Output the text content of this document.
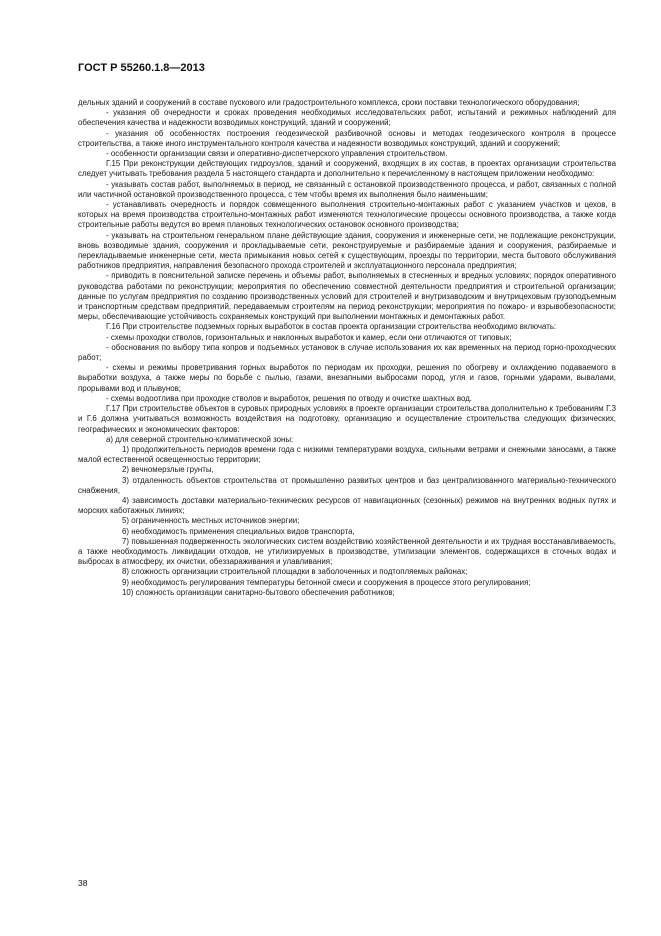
ГОСТ Р 55260.1.8—2013

дельных зданий и сооружений в составе пускового или градостроительного комплекса, сроки поставки технологического оборудования;

- указания об очередности и сроках проведения необходимых исследовательских работ, испытаний и режимных наблюдений для обеспечения качества и надежности возводимых конструкций, зданий и сооружений;

- указания об особенностях построения геодезической разбивочной основы и методах геодезического контроля в процессе строительства, а также иного инструментального контроля качества и надежности возводимых конструкций, зданий и сооружений;

- особенности организации связи и оперативно-диспетчерского управления строительством.

Г.15 При реконструкции действующих гидроузлов, зданий и сооружений, входящих в их состав, в проектах организации строительства следует учитывать требования раздела 5 настоящего стандарта и дополнительно к перечисленному в настоящем приложении необходимо:

- указывать состав работ, выполняемых в период, не связанный с остановкой производственного процесса, и работ, связанных с полной или частичной остановкой производственного процесса, с тем чтобы время их выполнения было наименьшим;

- устанавливать очередность и порядок совмещенного выполнения строительно-монтажных работ с указанием участков и цехов, в которых на время производства строительно-монтажных работ изменяются технологические процессы основного производства, а также когда строительные работы ведутся во время плановых технологических остановок основного производства;

- указывать на строительном генеральном плане действующие здания, сооружения и инженерные сети, не подлежащие реконструкции, вновь возводимые здания, сооружения и прокладываемые сети, реконструируемые и разбираемые здания и сооружения, разбираемые и перекладываемые инженерные сети, места примыкания новых сетей к существующим, проезды по территории, места бытового обслуживания работников предприятия, направления безопасного прохода строителей и эксплуатационного персонала предприятия;

- приводить в пояснительной записке перечень и объемы работ, выполняемых в стесненных и вредных условиях; порядок оперативного руководства работами по реконструкции; мероприятия по обеспечению совместной деятельности предприятия и строительной организации; данные по услугам предприятия по созданию производственных условий для строителей и внутризаводским и внутрицеховым грузоподъемным и транспортным средствам предприятий, передаваемым строителям на период реконструкции; мероприятия по пожаро- и взрывобезопасности; меры, обеспечивающие устойчивость сохраняемых конструкций при выполнении монтажных и демонтажных работ.

Г.16 При строительстве подземных горных выработок в состав проекта организации строительства необходимо включать:

- схемы проходки стволов, горизонтальных и наклонных выработок и камер, если они отличаются от типовых;

- обоснования по выбору типа копров и подъемных установок в случае использования их как временных на период горно-проходческих работ;

- схемы и режимы проветривания горных выработок по периодам их проходки, решения по обогреву и охлаждению подаваемого в выработки воздуха, а также меры по борьбе с пылью, газами, внезапными выбросами пород, угля и газов, горными ударами, вывалами, прорывами вод и плывунов;

- схемы водоотлива при проходке стволов и выработок, решения по отводу и очистке шахтных вод.

Г.17 При строительстве объектов в суровых природных условиях в проекте организации строительства дополнительно к требованиям Г.3 и Г.6 должна учитываться возможность воздействия на подготовку, организацию и осуществление строительства следующих физических, географических и экономических факторов:

а) для северной строительно-климатической зоны:

1) продолжительность периодов времени года с низкими температурами воздуха, сильными ветрами и снежными заносами, а также малой естественной освещенностью территории;

2) вечномерзлые грунты,

3) отдаленность объектов строительства от промышленно развитых центров и баз централизованного материально-технического снабжения,

4) зависимость доставки материально-технических ресурсов от навигационных (сезонных) режимов на внутренних водных путях и морских каботажных линиях;

5) ограниченность местных источников энергии;

6) необходимость применения специальных видов транспорта,

7) повышенная подверженность экологических систем воздействию хозяйственной деятельности и их трудная восстанавливаемость, а также необходимость ликвидации отходов, не утилизируемых в производстве, утилизации элементов, содержащихся в сточных водах и выбросах в атмосферу, их очистки, обеззараживания и улавливания;

8) сложность организации строительной площадки в заболоченных и подтопляемых районах;

9) необходимость регулирования температуры бетонной смеси и сооружения в процессе этого регулирования;

10) сложность организации санитарно-бытового обеспечения работников;

38
